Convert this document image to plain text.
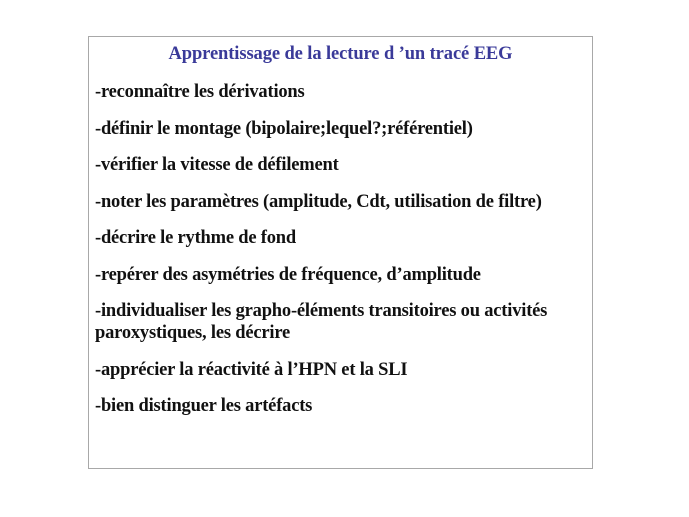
Apprentissage de la lecture d ’un tracé EEG
-reconnaître les dérivations
-définir le montage (bipolaire;lequel?;référentiel)
-vérifier la vitesse de défilement
-noter les paramètres (amplitude, Cdt, utilisation de filtre)
-décrire le rythme de fond
-repérer des asymétries de fréquence, d’amplitude
-individualiser les grapho-éléments transitoires ou activités paroxystiques, les décrire
-apprécier la réactivité à l’HPN et la SLI
-bien distinguer les artéfacts
